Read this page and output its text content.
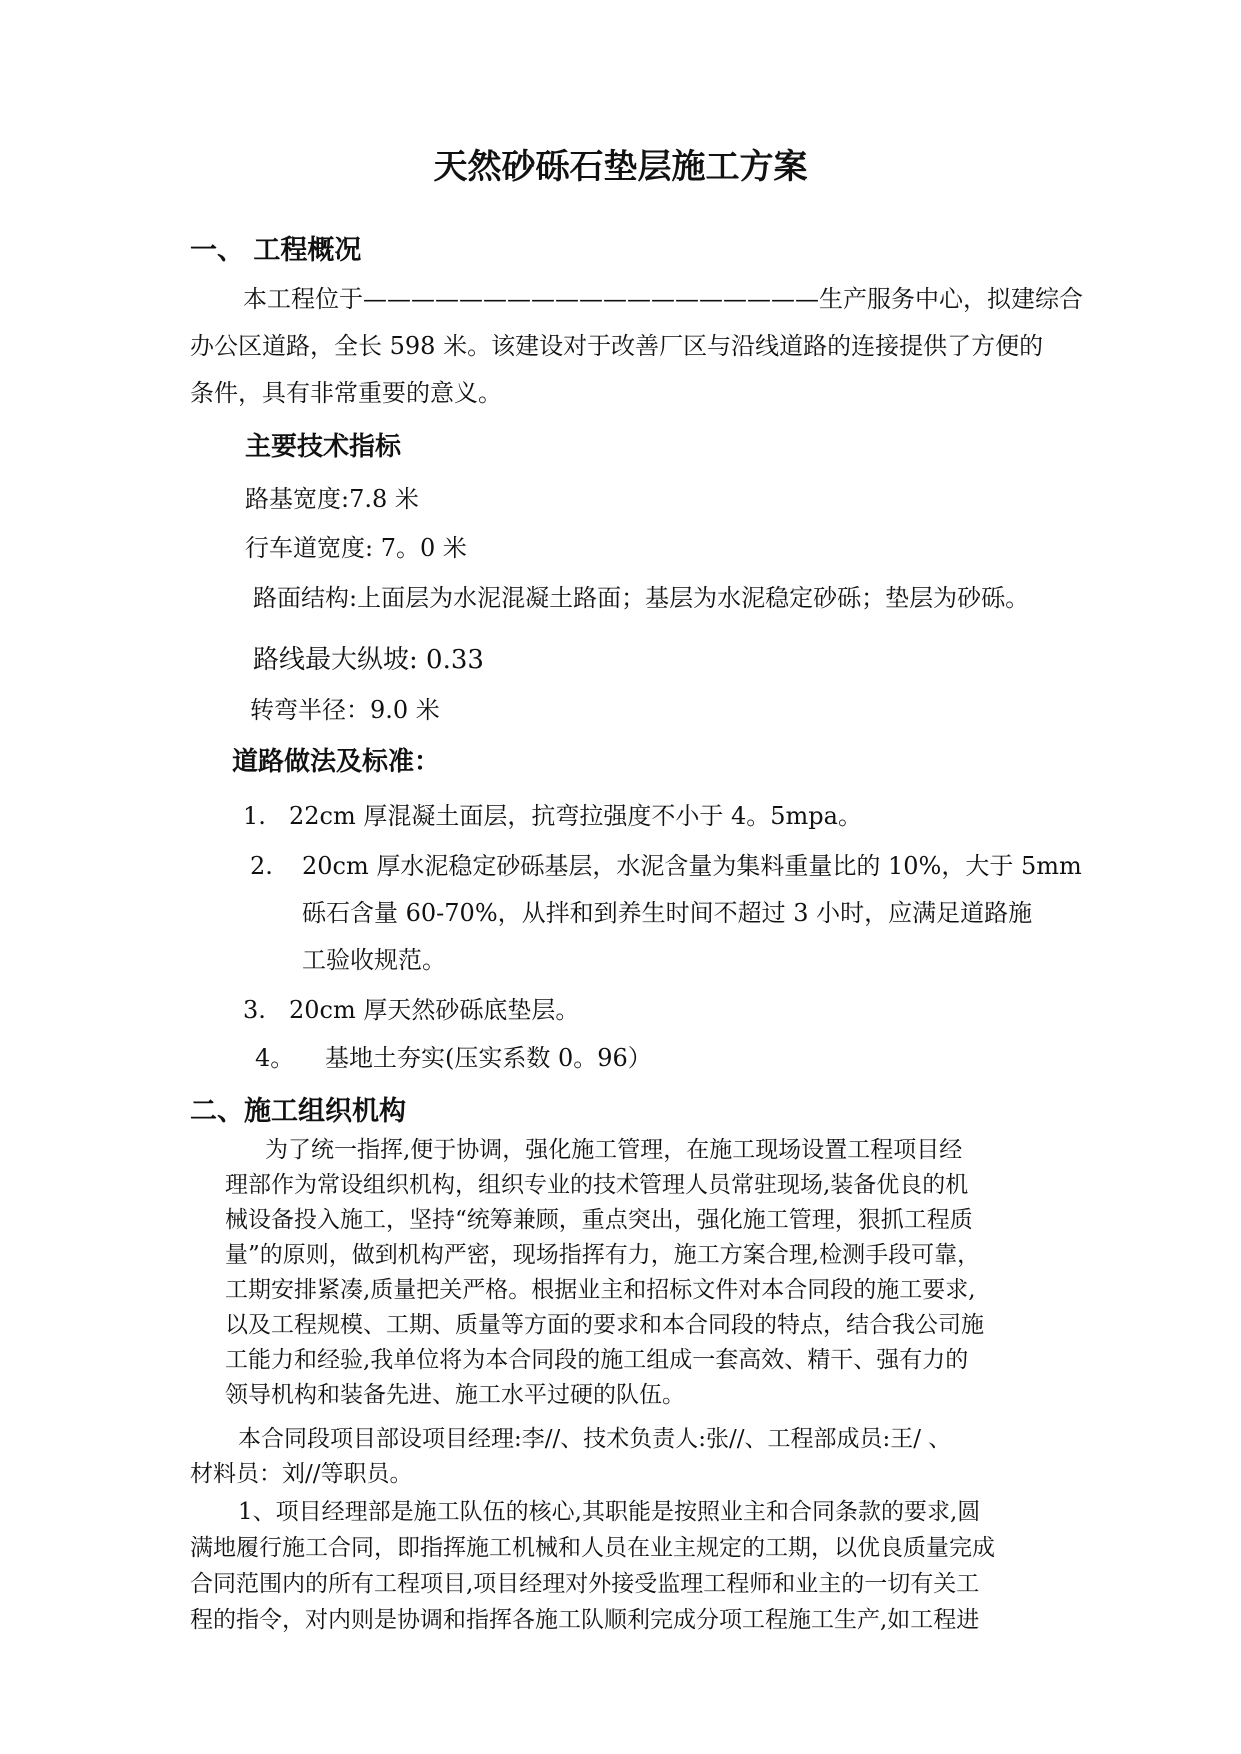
天然砂砾石垫层施工方案
一、 工程概况

本工程位于———————————————————生产服务中心，拟建综合

办公区道路，全长 598 米。该建设对于改善厂区与沿线道路的连接提供了方便的

条件，具有非常重要的意义。

主要技术指标

路基宽度:7.8 米

行车道宽度: 7。0 米

路面结构:上面层为水泥混凝土路面；基层为水泥稳定砂砾；垫层为砂砾。

路线最大纵坡: 0.33

转弯半径：9.0 米

道路做法及标准：

1. 22cm 厚混凝土面层，抗弯拉强度不小于 4。5mpa。

2. 20cm 厚水泥稳定砂砾基层，水泥含量为集料重量比的 10%，大于 5mm

砾石含量 60-70%，从拌和到养生时间不超过 3 小时，应满足道路施

工验收规范。

3. 20cm 厚天然砂砾底垫层。

4。 基地土夯实(压实系数 0。96）

二、施工组织机构

为了统一指挥,便于协调，强化施工管理，在施工现场设置工程项目经

理部作为常设组织机构，组织专业的技术管理人员常驻现场,装备优良的机

械设备投入施工，坚持“统筹兼顾，重点突出，强化施工管理，狠抓工程质

量”的原则，做到机构严密，现场指挥有力，施工方案合理,检测手段可靠，

工期安排紧凑,质量把关严格。根据业主和招标文件对本合同段的施工要求,

以及工程规模、工期、质量等方面的要求和本合同段的特点，结合我公司施

工能力和经验,我单位将为本合同段的施工组成一套高效、精干、强有力的

领导机构和装备先进、施工水平过硬的队伍。

本合同段项目部设项目经理:李//、技术负责人:张//、工程部成员:王/ 、

材料员：刘//等职员。

1、项目经理部是施工队伍的核心,其职能是按照业主和合同条款的要求,圆

满地履行施工合同，即指挥施工机械和人员在业主规定的工期，以优良质量完成

合同范围内的所有工程项目,项目经理对外接受监理工程师和业主的一切有关工

程的指令，对内则是协调和指挥各施工队顺利完成分项工程施工生产,如工程进
